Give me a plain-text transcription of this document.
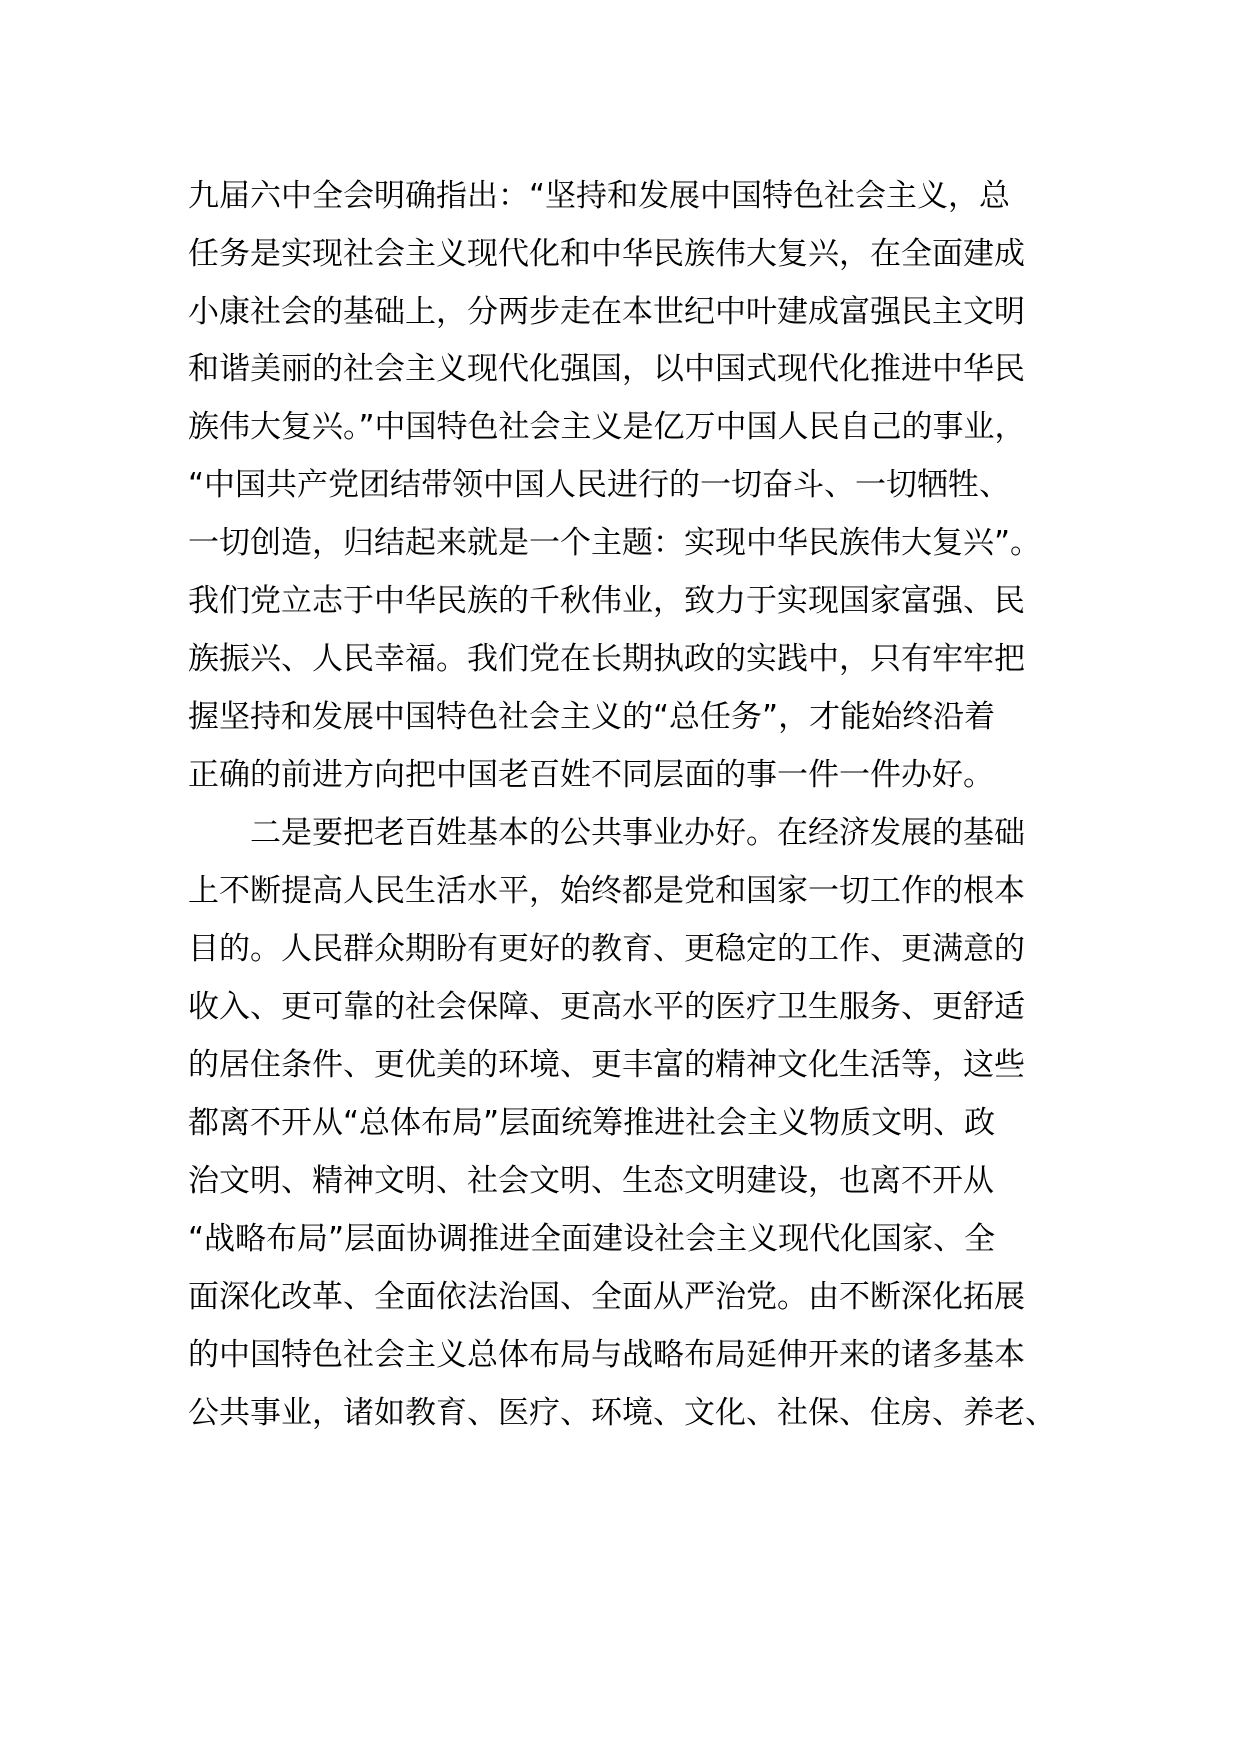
九届六中全会明确指出：“坚持和发展中国特色社会主义，总
任务是实现社会主义现代化和中华民族伟大复兴，在全面建成
小康社会的基础上，分两步走在本世纪中叶建成富强民主文明
和谐美丽的社会主义现代化强国，以中国式现代化推进中华民
族伟大复兴。”中国特色社会主义是亿万中国人民自己的事业，
“中国共产党团结带领中国人民进行的一切奋斗、一切牺牲、
一切创造，归结起来就是一个主题：实现中华民族伟大复兴”。
我们党立志于中华民族的千秋伟业，致力于实现国家富强、民
族振兴、人民幸福。我们党在长期执政的实践中，只有牢牢把
握坚持和发展中国特色社会主义的“总任务”，才能始终沿着
正确的前进方向把中国老百姓不同层面的事一件一件办好。
二是要把老百姓基本的公共事业办好。在经济发展的基础
上不断提高人民生活水平，始终都是党和国家一切工作的根本
目的。人民群众期盼有更好的教育、更稳定的工作、更满意的
收入、更可靠的社会保障、更高水平的医疗卫生服务、更舒适
的居住条件、更优美的环境、更丰富的精神文化生活等，这些
都离不开从“总体布局”层面统筹推进社会主义物质文明、政
治文明、精神文明、社会文明、生态文明建设，也离不开从
“战略布局”层面协调推进全面建设社会主义现代化国家、全
面深化改革、全面依法治国、全面从严治党。由不断深化拓展
的中国特色社会主义总体布局与战略布局延伸开来的诸多基本
公共事业，诸如教育、医疗、环境、文化、社保、住房、养老、
